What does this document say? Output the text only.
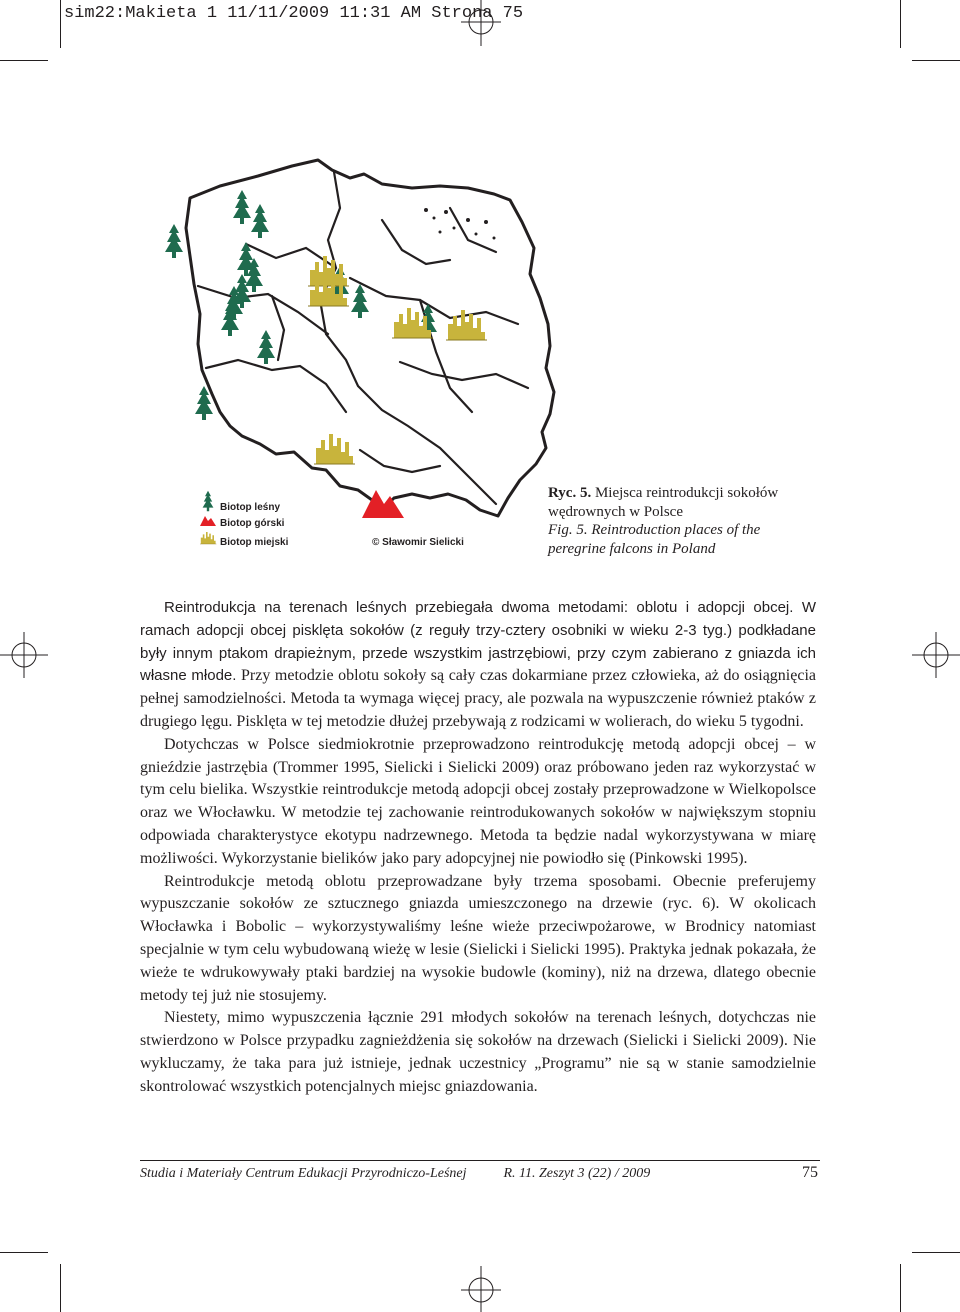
sim22:Makieta 1 11/11/2009 11:31 AM Strona 75
Biotop leśny
Biotop górski
Biotop miejski	© Sławomir Sielicki
Ryc. 5. Miejsca reintrodukcji sokołów wędrownych w Polsce
Fig. 5. Reintroduction places of the peregrine falcons in Poland

Reintrodukcja na terenach leśnych przebiegała dwoma metodami: oblotu i adopcji obcej. W ramach adopcji obcej pisklęta sokołów (z reguły trzy-cztery osobniki w wieku 2-3 tyg.) podkładane były innym ptakom drapieżnym, przede wszystkim jastrzębiowi, przy czym zabierano z gniazda ich własne młode. Przy metodzie oblotu sokoły są cały czas dokarmiane przez człowieka, aż do osiągnięcia pełnej samodzielności. Metoda ta wymaga więcej pracy, ale pozwala na wypuszczenie również ptaków z drugiego lęgu. Pisklęta w tej metodzie dłużej przebywają z rodzicami w wolierach, do wieku 5 tygodni.

Dotychczas w Polsce siedmiokrotnie przeprowadzono reintrodukcję metodą adopcji obcej – w gnieździe jastrzębia (Trommer 1995, Sielicki i Sielicki 2009) oraz próbowano jeden raz wykorzystać w tym celu bielika. Wszystkie reintrodukcje metodą adopcji obcej zostały przeprowadzone w Wielkopolsce oraz we Włocławku. W metodzie tej zachowanie reintrodukowanych sokołów w największym stopniu odpowiada charakterystyce ekotypu nadrzewnego. Metoda ta będzie nadal wykorzystywana w miarę możliwości. Wykorzystanie bielików jako pary adopcyjnej nie powiodło się (Pinkowski 1995).

Reintrodukcje metodą oblotu przeprowadzane były trzema sposobami. Obecnie preferujemy wypuszczanie sokołów ze sztucznego gniazda umieszczonego na drzewie (ryc. 6). W okolicach Włocławka i Bobolic – wykorzystywaliśmy leśne wieże przeciwpożarowe, w Brodnicy natomiast specjalnie w tym celu wybudowaną wieżę w lesie (Sielicki i Sielicki 1995). Praktyka jednak pokazała, że wieże te wdrukowywały ptaki bardziej na wysokie budowle (kominy), niż na drzewa, dlatego obecnie metody tej już nie stosujemy.

Niestety, mimo wypuszczenia łącznie 291 młodych sokołów na terenach leśnych, dotychczas nie stwierdzono w Polsce przypadku zagnieżdżenia się sokołów na drzewach (Sielicki i Sielicki 2009). Nie wykluczamy, że taka para już istnieje, jednak uczestnicy „Programu” nie są w stanie samodzielnie skontrolować wszystkich potencjalnych miejsc gniazdowania.

Studia i Materiały Centrum Edukacji Przyrodniczo-Leśnej	R. 11. Zeszyt 3 (22) / 2009	75
